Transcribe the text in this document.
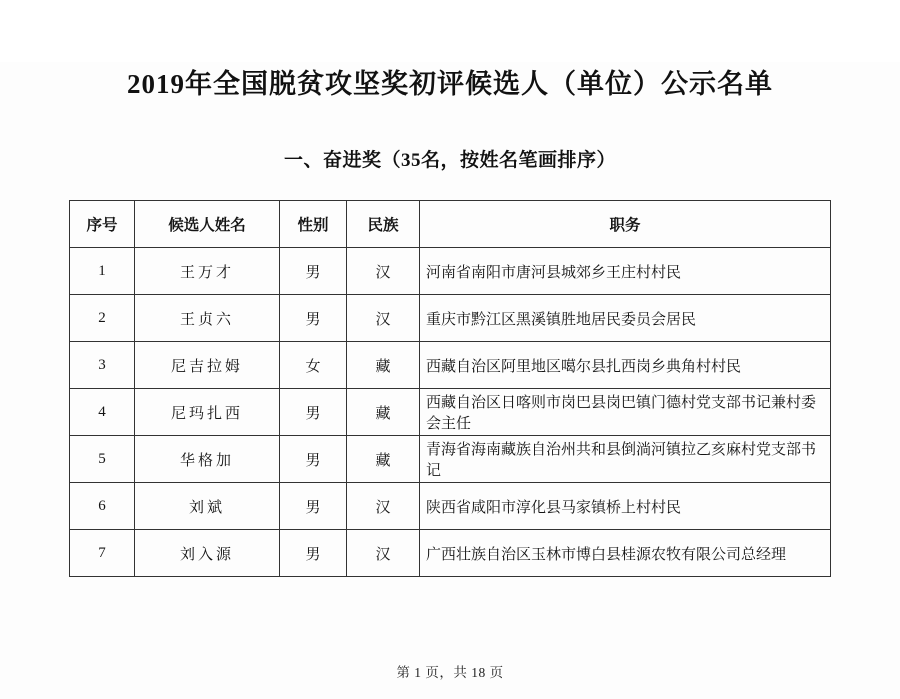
2019年全国脱贫攻坚奖初评候选人（单位）公示名单
一、奋进奖（35名，按姓名笔画排序）
序号	候选人姓名	性别	民族	职务
1	王万才	男	汉	河南省南阳市唐河县城郊乡王庄村村民
2	王贞六	男	汉	重庆市黔江区黑溪镇胜地居民委员会居民
3	尼吉拉姆	女	藏	西藏自治区阿里地区噶尔县扎西岗乡典角村村民
4	尼玛扎西	男	藏	西藏自治区日喀则市岗巴县岗巴镇门德村党支部书记兼村委会主任
5	华格加	男	藏	青海省海南藏族自治州共和县倒淌河镇拉乙亥麻村党支部书记
6	刘斌	男	汉	陕西省咸阳市淳化县马家镇桥上村村民
7	刘入源	男	汉	广西壮族自治区玉林市博白县桂源农牧有限公司总经理
第 1 页，共 18 页
